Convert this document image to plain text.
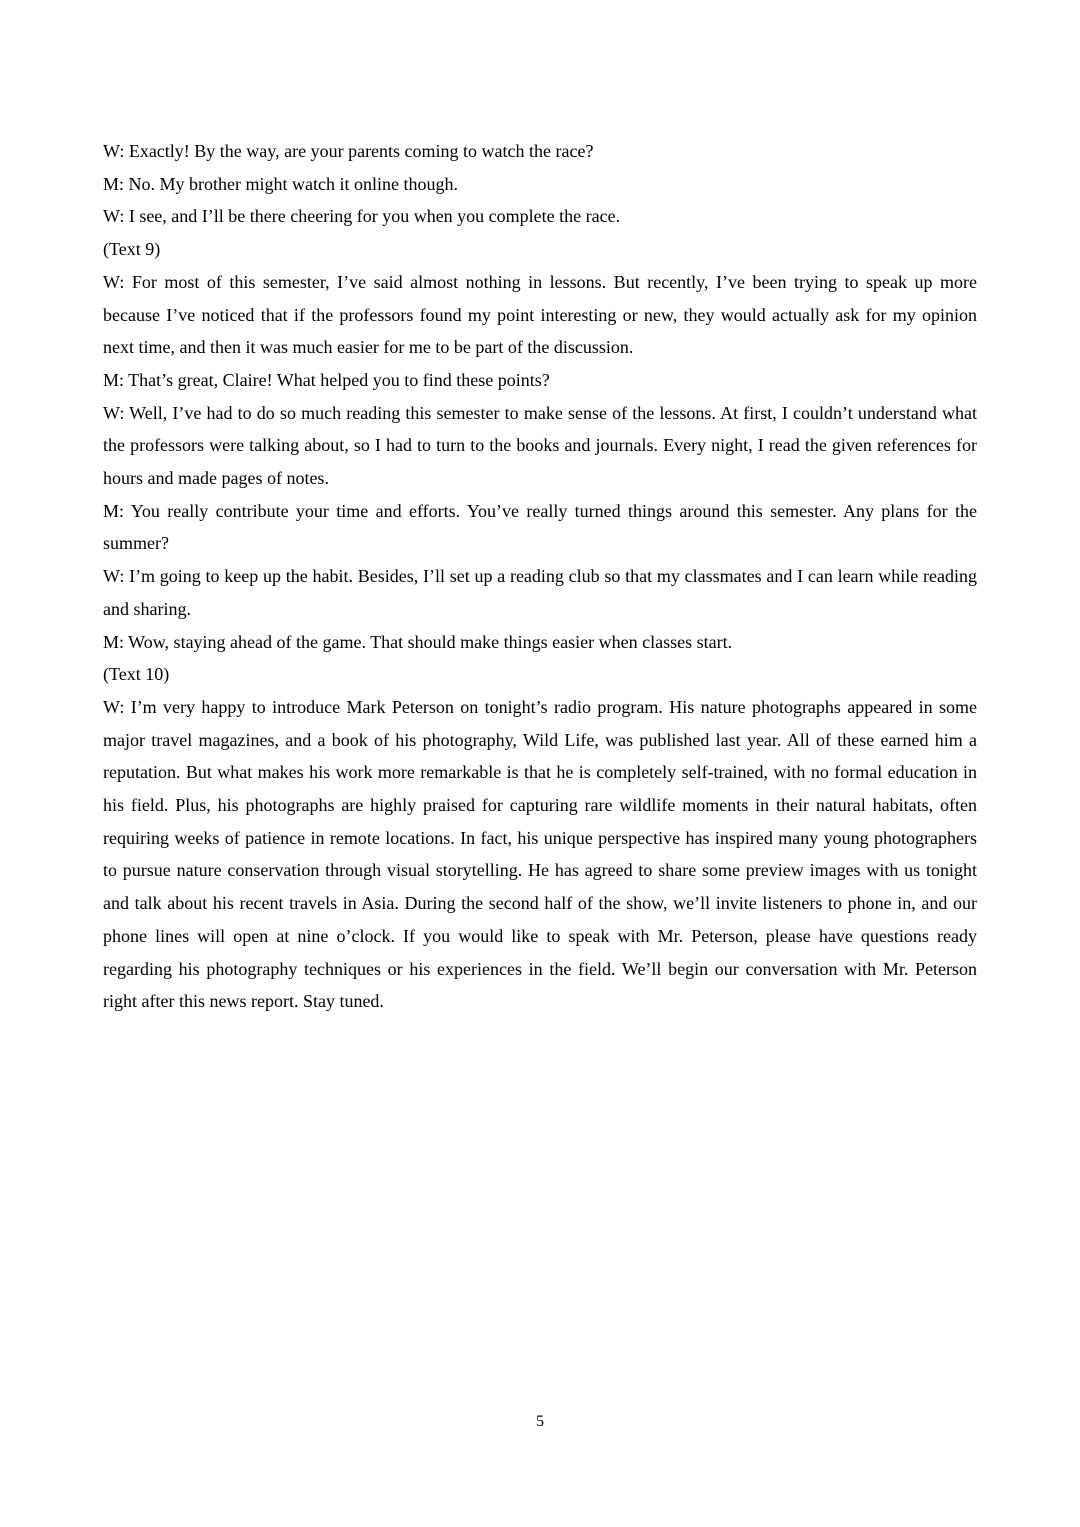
W: Exactly! By the way, are your parents coming to watch the race?

M: No. My brother might watch it online though.

W: I see, and I’ll be there cheering for you when you complete the race.

(Text 9)

W: For most of this semester, I’ve said almost nothing in lessons. But recently, I’ve been trying to speak up more because I’ve noticed that if the professors found my point interesting or new, they would actually ask for my opinion next time, and then it was much easier for me to be part of the discussion.

M: That’s great, Claire! What helped you to find these points?

W: Well, I’ve had to do so much reading this semester to make sense of the lessons. At first, I couldn’t understand what the professors were talking about, so I had to turn to the books and journals. Every night, I read the given references for hours and made pages of notes.

M: You really contribute your time and efforts. You’ve really turned things around this semester. Any plans for the summer?

W: I’m going to keep up the habit. Besides, I’ll set up a reading club so that my classmates and I can learn while reading and sharing.

M: Wow, staying ahead of the game. That should make things easier when classes start.

(Text 10)

W: I’m very happy to introduce Mark Peterson on tonight’s radio program. His nature photographs appeared in some major travel magazines, and a book of his photography, Wild Life, was published last year. All of these earned him a reputation. But what makes his work more remarkable is that he is completely self-trained, with no formal education in his field. Plus, his photographs are highly praised for capturing rare wildlife moments in their natural habitats, often requiring weeks of patience in remote locations. In fact, his unique perspective has inspired many young photographers to pursue nature conservation through visual storytelling. He has agreed to share some preview images with us tonight and talk about his recent travels in Asia. During the second half of the show, we’ll invite listeners to phone in, and our phone lines will open at nine o’clock. If you would like to speak with Mr. Peterson, please have questions ready regarding his photography techniques or his experiences in the field. We’ll begin our conversation with Mr. Peterson right after this news report. Stay tuned.

5
